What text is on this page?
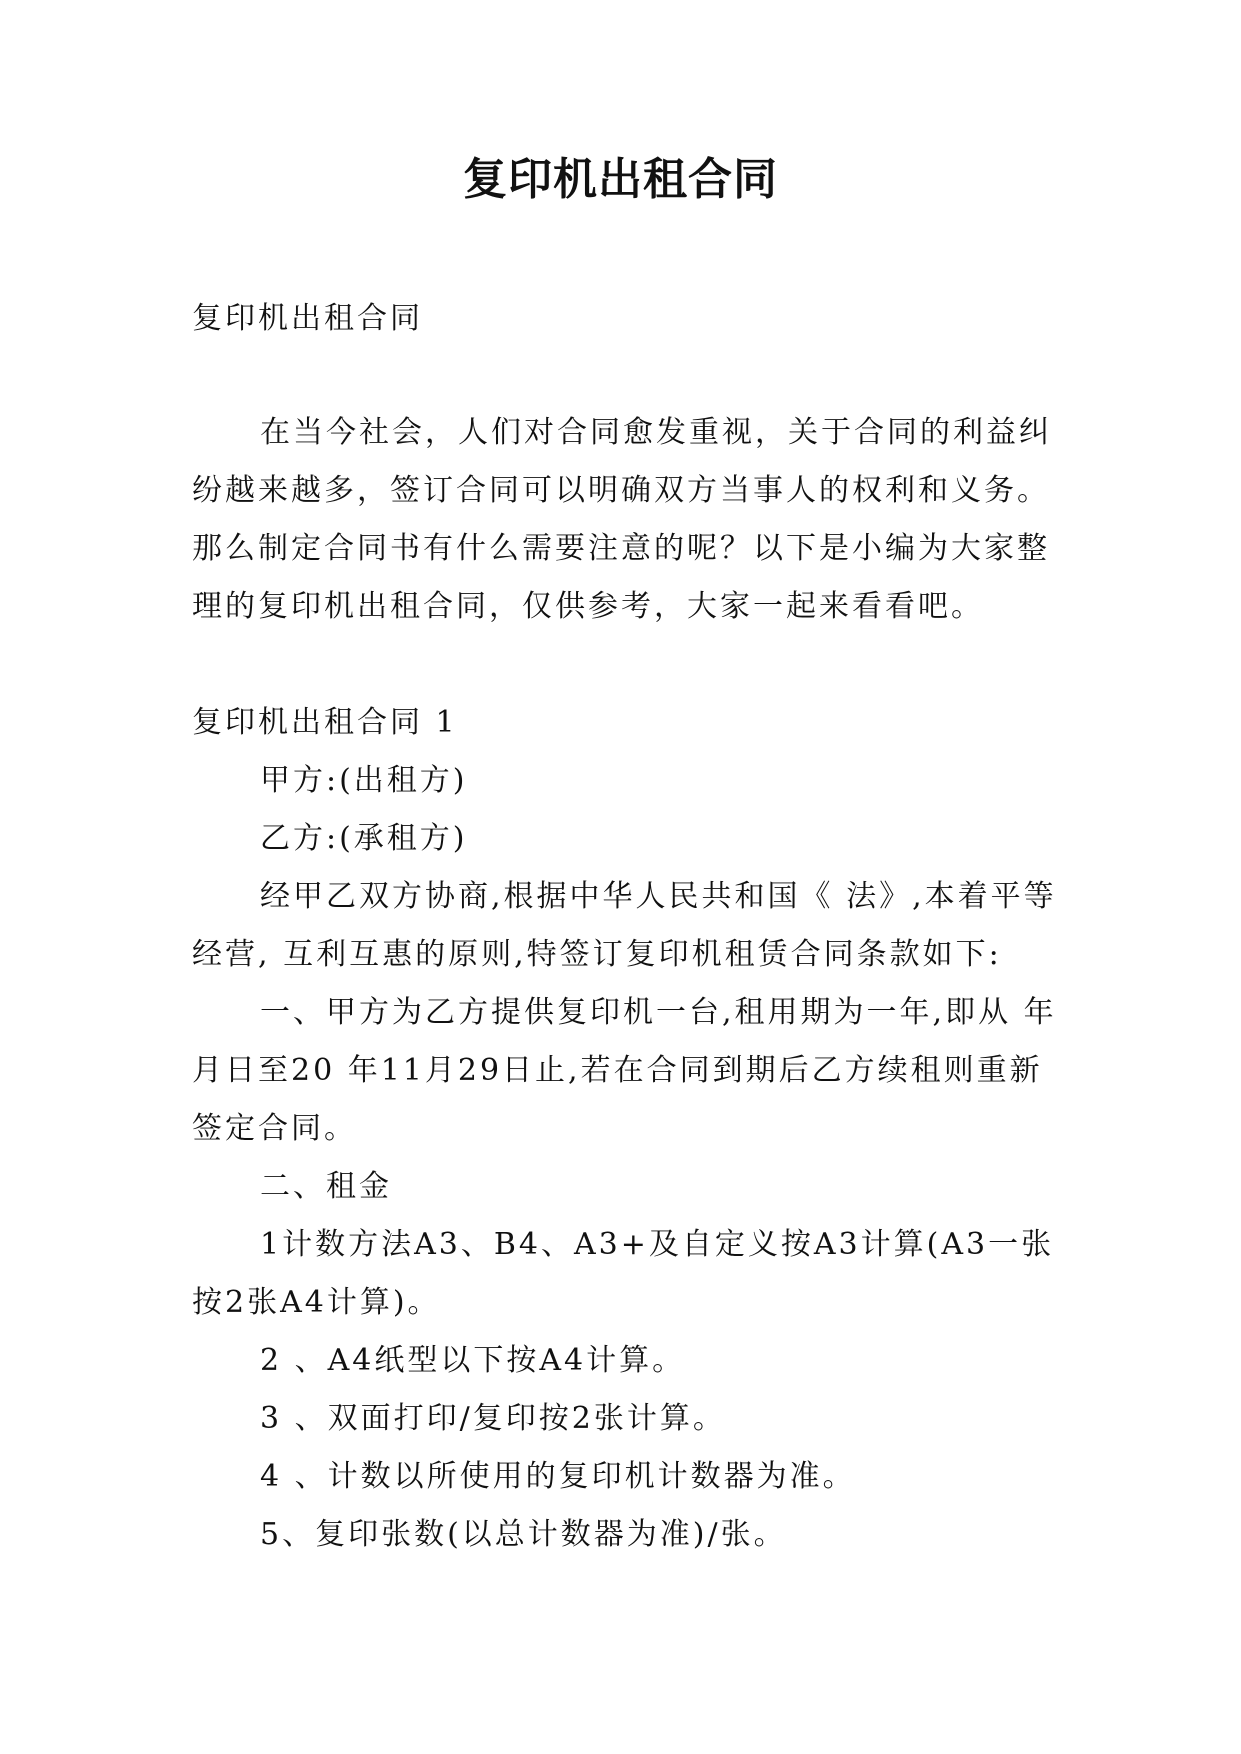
复印机出租合同

复印机出租合同

在当今社会，人们对合同愈发重视，关于合同的利益纠纷越来越多，签订合同可以明确双方当事人的权利和义务。那么制定合同书有什么需要注意的呢？以下是小编为大家整理的复印机出租合同，仅供参考，大家一起来看看吧。

复印机出租合同 1

甲方:(出租方)

乙方:(承租方)

经甲乙双方协商,根据中华人民共和国《 法》,本着平等经营, 互利互惠的原则,特签订复印机租赁合同条款如下:

一、甲方为乙方提供复印机一台,租用期为一年,即从 年 月日至20 年11月29日止,若在合同到期后乙方续租则重新签定合同。

二、租金

1计数方法A3、B4、A3+及自定义按A3计算(A3一张按2张A4计算)。

2 、A4纸型以下按A4计算。

3 、双面打印/复印按2张计算。

4 、计数以所使用的复印机计数器为准。

5、复印张数(以总计数器为准)/张。
